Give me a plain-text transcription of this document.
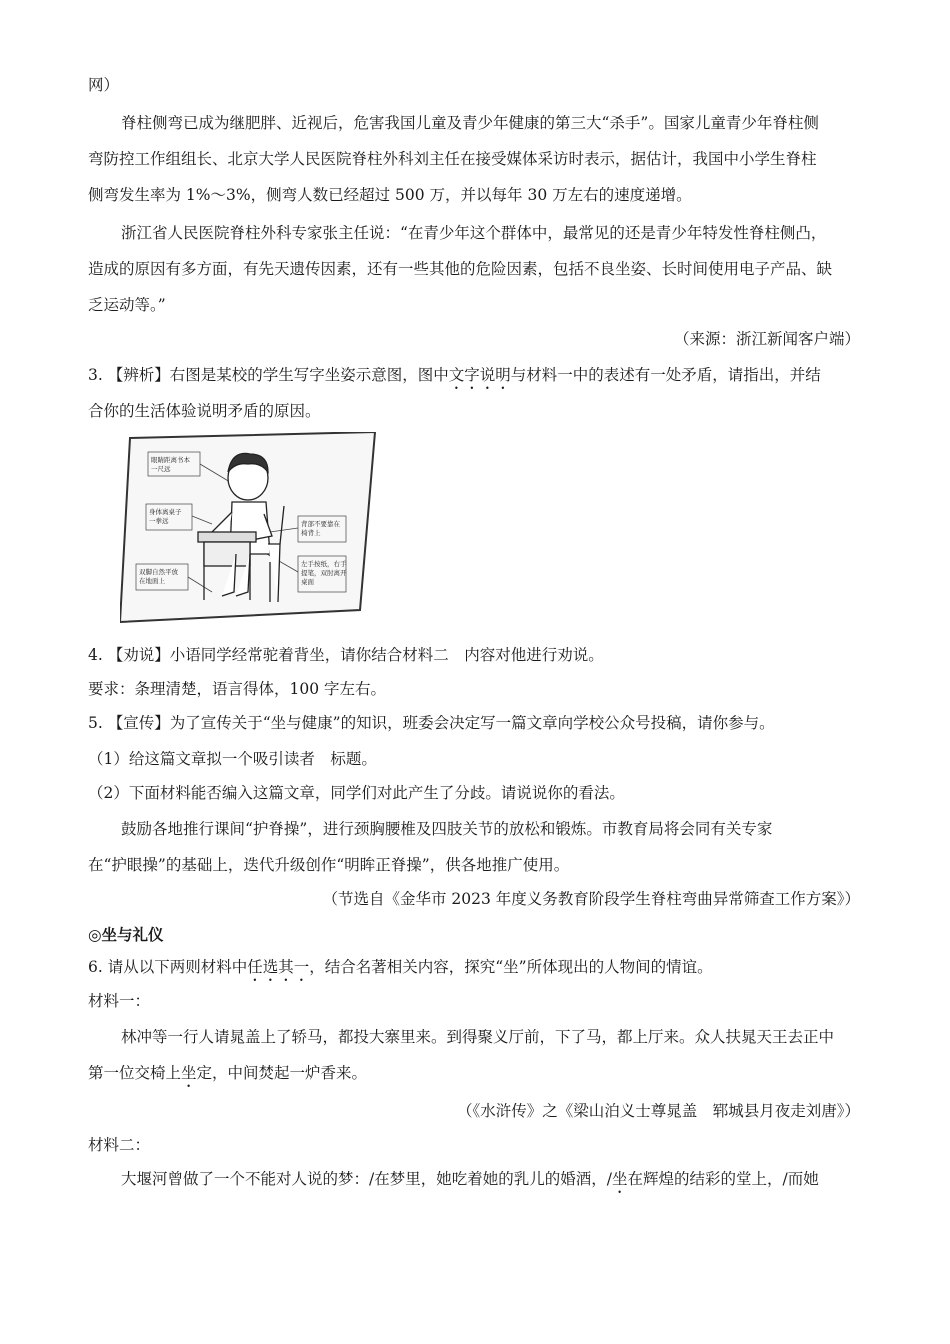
网）
脊柱侧弯已成为继肥胖、近视后，危害我国儿童及青少年健康的第三大“杀手”。国家儿童青少年脊柱侧
弯防控工作组组长、北京大学人民医院脊柱外科刘主任在接受媒体采访时表示，据估计，我国中小学生脊柱
侧弯发生率为 1%～3%，侧弯人数已经超过 500 万，并以每年 30 万左右的速度递增。
浙江省人民医院脊柱外科专家张主任说：“在青少年这个群体中，最常见的还是青少年特发性脊柱侧凸，
造成的原因有多方面，有先天遗传因素，还有一些其他的危险因素，包括不良坐姿、长时间使用电子产品、缺
乏运动等。”
（来源：浙江新闻客户端）
3. 【辨析】右图是某校的学生写字坐姿示意图，图中文字说明与材料一中的表述有一处矛盾，请指出，并结
合你的生活体验说明矛盾的原因。
眼睛距离书本一尺远
身体离桌子一拳远
双脚自然平放在地面上
背部不要靠在椅背上
左手按纸，右手提笔，双肘离开桌面
4. 【劝说】小语同学经常驼着背坐，请你结合材料二　内容对他进行劝说。
要求：条理清楚，语言得体，100 字左右。
5. 【宣传】为了宣传关于“坐与健康”的知识，班委会决定写一篇文章向学校公众号投稿，请你参与。
（1）给这篇文章拟一个吸引读者　标题。
（2）下面材料能否编入这篇文章，同学们对此产生了分歧。请说说你的看法。
鼓励各地推行课间“护脊操”，进行颈胸腰椎及四肢关节的放松和锻炼。市教育局将会同有关专家
在“护眼操”的基础上，迭代升级创作“明眸正脊操”，供各地推广使用。
（节选自《金华市 2023 年度义务教育阶段学生脊柱弯曲异常筛查工作方案》）
◎坐与礼仪
6. 请从以下两则材料中任选其一，结合名著相关内容，探究“坐”所体现出的人物间的情谊。
材料一：
林冲等一行人请晁盖上了轿马，都投大寨里来。到得聚义厅前，下了马，都上厅来。众人扶晁天王去正中
第一位交椅上坐定，中间焚起一炉香来。
（《水浒传》之《梁山泊义士尊晁盖　郓城县月夜走刘唐》）
材料二：
大堰河曾做了一个不能对人说的梦：/在梦里，她吃着她的乳儿的婚酒，/坐在辉煌的结彩的堂上，/而她
